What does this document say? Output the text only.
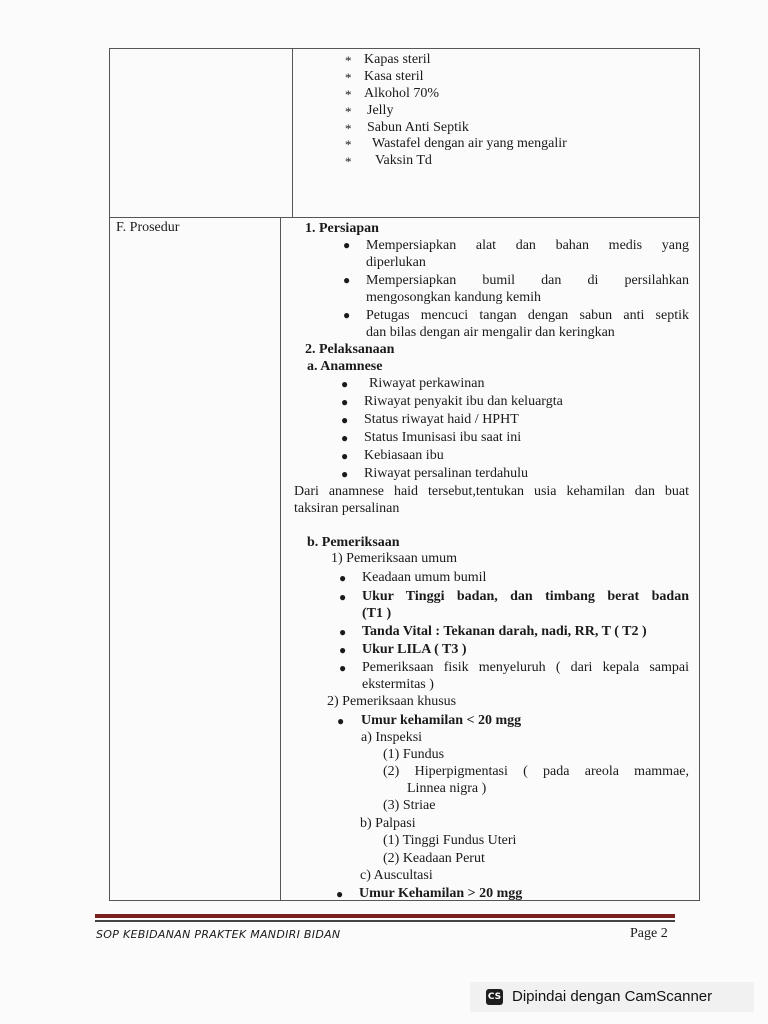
* Kapas steril
* Kasa steril
* Alkohol 70%
* Jelly
* Sabun Anti Septik
* Wastafel dengan air yang mengalir
* Vaksin Td
F. Prosedur	1. Persiapan
● Mempersiapkan alat dan bahan medis yang
diperlukan
● Mempersiapkan bumil dan di persilahkan
mengosongkan kandung kemih
● Petugas mencuci tangan dengan sabun anti septik
dan bilas dengan air mengalir dan keringkan
2. Pelaksanaan
a. Anamnese
● Riwayat perkawinan
● Riwayat penyakit ibu dan keluargta
● Status riwayat haid / HPHT
● Status Imunisasi ibu saat ini
● Kebiasaan ibu
● Riwayat persalinan terdahulu
Dari anamnese haid tersebut,tentukan usia kehamilan dan buat
taksiran persalinan
b. Pemeriksaan
1) Pemeriksaan umum
● Keadaan umum bumil
● Ukur Tinggi badan, dan timbang berat badan
(T1 )
● Tanda Vital : Tekanan darah, nadi, RR, T ( T2 )
● Ukur LILA ( T3 )
● Pemeriksaan fisik menyeluruh ( dari kepala sampai
ekstermitas )
2) Pemeriksaan khusus
● Umur kehamilan < 20 mgg
a) Inspeksi
(1) Fundus
(2) Hiperpigmentasi ( pada areola mammae,
Linnea nigra )
(3) Striae
b) Palpasi
(1) Tinggi Fundus Uteri
(2) Keadaan Perut
c) Auscultasi
● Umur Kehamilan > 20 mgg
SOP KEBIDANAN PRAKTEK MANDIRI BIDAN	Page 2
CS Dipindai dengan CamScanner
